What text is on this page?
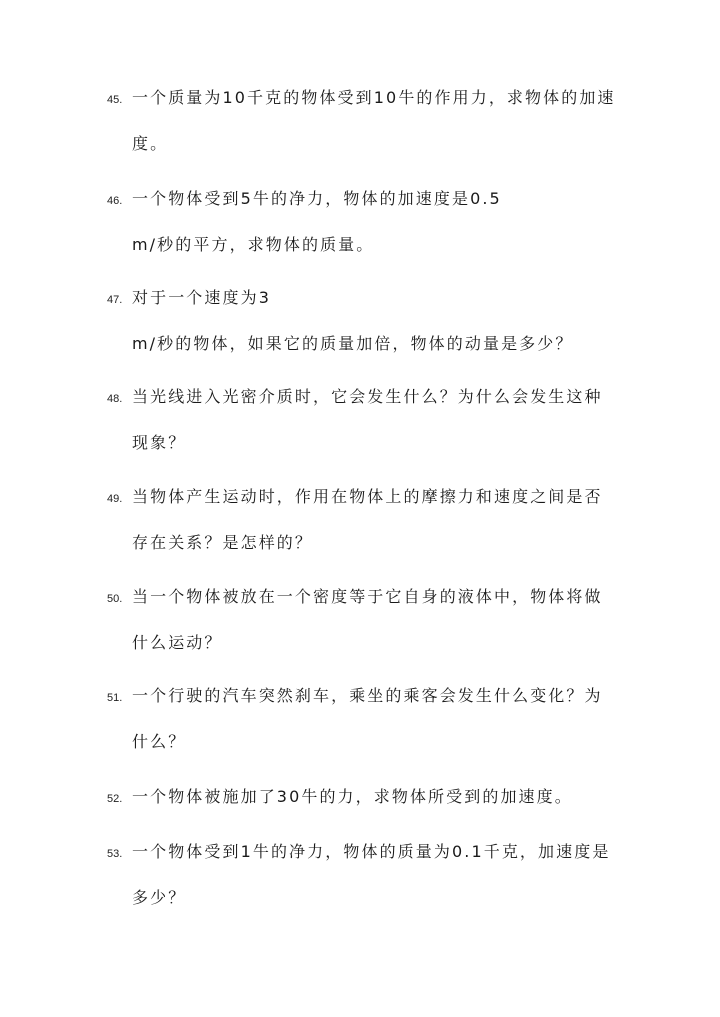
45. 一个质量为10千克的物体受到10牛的作用力，求物体的加速
度。
46. 一个物体受到5牛的净力，物体的加速度是0.5
m/秒的平方，求物体的质量。
47. 对于一个速度为3
m/秒的物体，如果它的质量加倍，物体的动量是多少？
48. 当光线进入光密介质时，它会发生什么？为什么会发生这种
现象？
49. 当物体产生运动时，作用在物体上的摩擦力和速度之间是否
存在关系？是怎样的？
50. 当一个物体被放在一个密度等于它自身的液体中，物体将做
什么运动？
51. 一个行驶的汽车突然刹车，乘坐的乘客会发生什么变化？为
什么？
52. 一个物体被施加了30牛的力，求物体所受到的加速度。
53. 一个物体受到1牛的净力，物体的质量为0.1千克，加速度是
多少？
